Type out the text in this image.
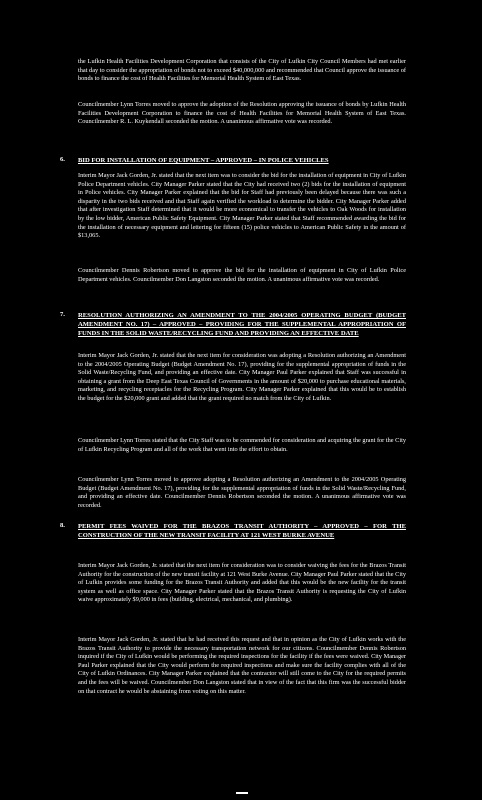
the Lufkin Health Facilities Development Corporation that consists of the City of Lufkin City Council Members had met earlier that day to consider the appropriation of bonds not to exceed $40,000,000 and recommended that Council approve the issuance of bonds to finance the cost of Health Facilities for Memorial Health System of East Texas.
Councilmember Lynn Torres moved to approve the adoption of the Resolution approving the issuance of bonds by Lufkin Health Facilities Development Corporation to finance the cost of Health Facilities for Memorial Health System of East Texas. Councilmember R. L. Kuykendall seconded the motion. A unanimous affirmative vote was recorded.
6. BID FOR INSTALLATION OF EQUIPMENT – APPROVED – IN POLICE VEHICLES
Interim Mayor Jack Gorden, Jr. stated that the next item was to consider the bid for the installation of equipment in City of Lufkin Police Department vehicles. City Manager Parker stated that the City had received two (2) bids for the installation of equipment in Police vehicles. City Manager Parker explained that the bid for Staff had previously been delayed because there was such a disparity in the two bids received and that Staff again verified the workload to determine the bidder. City Manager Parker added that after investigation Staff determined that it would be more economical to transfer the vehicles to Oak Woods for installation by the low bidder, American Public Safety Equipment. City Manager Parker stated that Staff recommended awarding the bid for the installation of necessary equipment and lettering for fifteen (15) police vehicles to American Public Safety in the amount of $13,065.
Councilmember Dennis Robertson moved to approve the bid for the installation of equipment in City of Lufkin Police Department vehicles. Councilmember Don Langston seconded the motion. A unanimous affirmative vote was recorded.
7. RESOLUTION AUTHORIZING AN AMENDMENT TO THE 2004/2005 OPERATING BUDGET (BUDGET AMENDMENT NO. 17) – APPROVED – PROVIDING FOR THE SUPPLEMENTAL APPROPRIATION OF FUNDS IN THE SOLID WASTE/RECYCLING FUND AND PROVIDING AN EFFECTIVE DATE
Interim Mayor Jack Gorden, Jr. stated that the next item for consideration was adopting a Resolution authorizing an Amendment to the 2004/2005 Operating Budget (Budget Amendment No. 17), providing for the supplemental appropriation of funds in the Solid Waste/Recycling Fund, and providing an effective date. City Manager Paul Parker explained that Staff was successful in obtaining a grant from the Deep East Texas Council of Governments in the amount of $20,000 to purchase educational materials, marketing, and recycling receptacles for the Recycling Program. City Manager Parker explained that this would be to establish the budget for the $20,000 grant and added that the grant required no match from the City of Lufkin.
Councilmember Lynn Torres stated that the City Staff was to be commended for consideration and acquiring the grant for the City of Lufkin Recycling Program and all of the work that went into the effort to obtain.
Councilmember Lynn Torres moved to approve adopting a Resolution authorizing an Amendment to the 2004/2005 Operating Budget (Budget Amendment No. 17), providing for the supplemental appropriation of funds in the Solid Waste/Recycling Fund, and providing an effective date. Councilmember Dennis Robertson seconded the motion. A unanimous affirmative vote was recorded.
8. PERMIT FEES WAIVED FOR THE BRAZOS TRANSIT AUTHORITY – APPROVED – FOR THE CONSTRUCTION OF THE NEW TRANSIT FACILITY AT 121 WEST BURKE AVENUE
Interim Mayor Jack Gorden, Jr. stated that the next item for consideration was to consider waiving the fees for the Brazos Transit Authority for the construction of the new transit facility at 121 West Burke Avenue. City Manager Paul Parker stated that the City of Lufkin provides some funding for the Brazos Transit Authority and added that this would be the new facility for the transit system as well as office space. City Manager Parker stated that the Brazos Transit Authority is requesting the City of Lufkin waive approximately $9,000 in fees (building, electrical, mechanical, and plumbing).
Interim Mayor Jack Gorden, Jr. stated that he had received this request and that in opinion as the City of Lufkin works with the Brazos Transit Authority to provide the necessary transportation network for our citizens. Councilmember Dennis Robertson inquired if the City of Lufkin would be performing the required inspections for the facility if the fees were waived. City Manager Paul Parker explained that the City would perform the required inspections and make sure the facility complies with all of the City of Lufkin Ordinances. City Manager Parker explained that the contractor will still come to the City for the required permits and the fees will be waived. Councilmember Don Langston stated that in view of the fact that this firm was the successful bidder on that contract he would be abstaining from voting on this matter.
